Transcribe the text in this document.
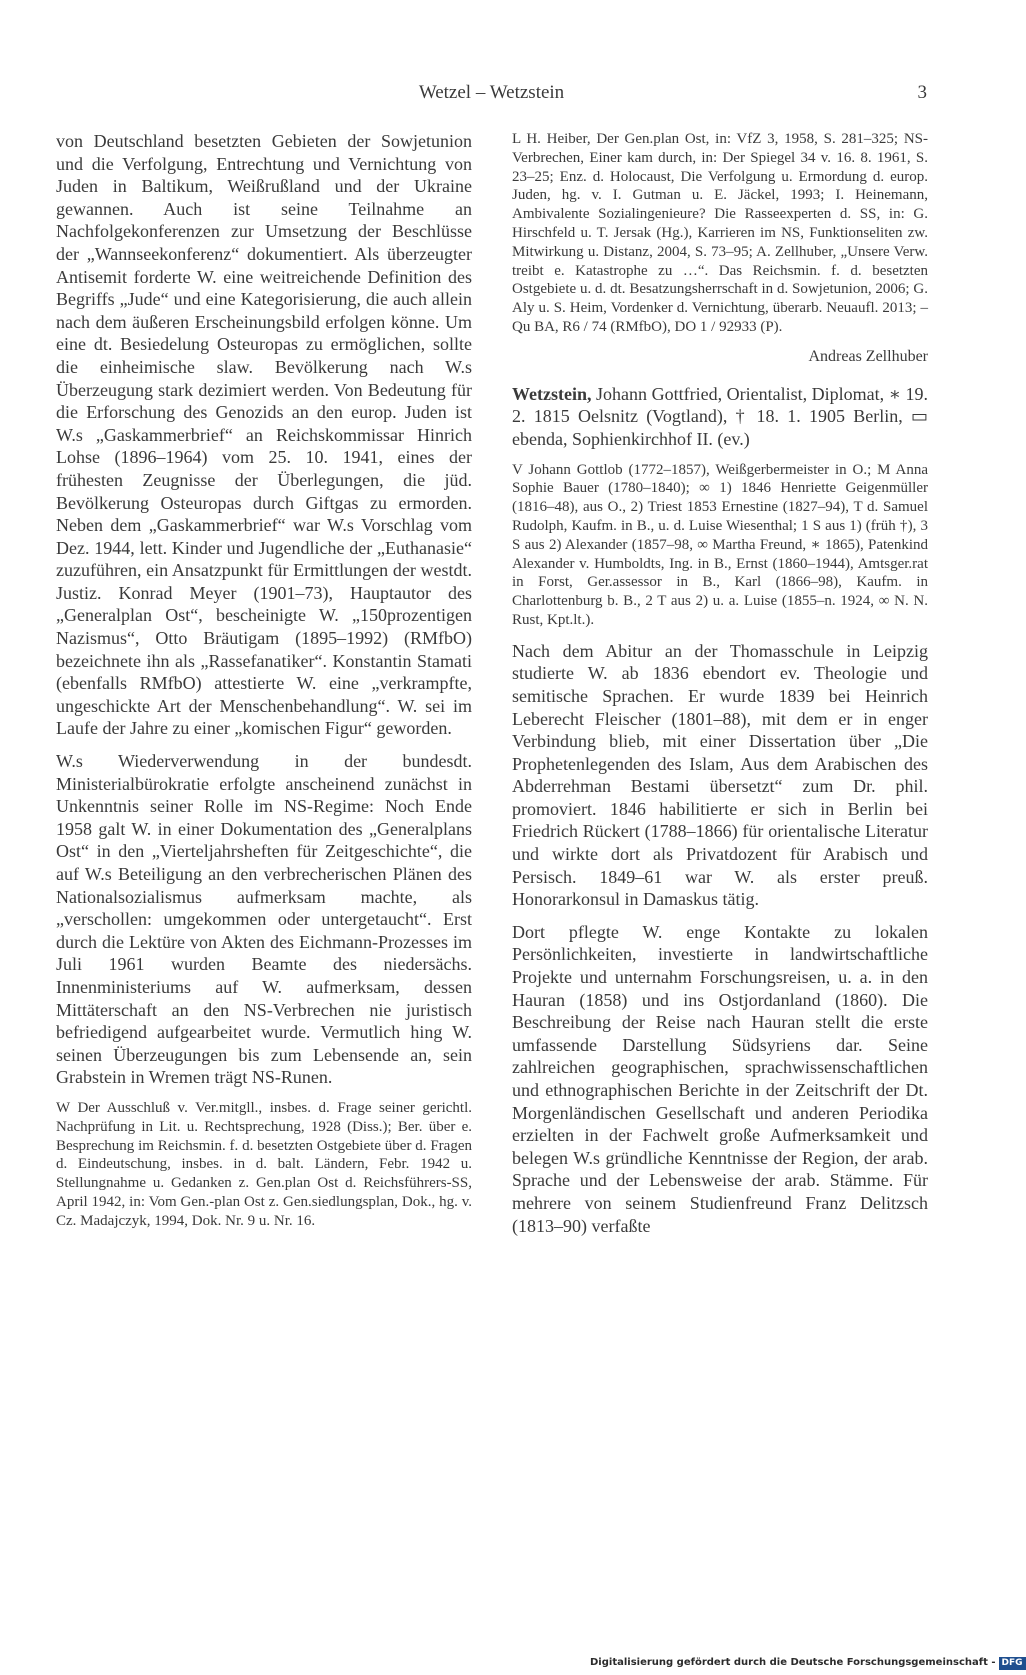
Wetzel – Wetzstein	3

von Deutschland besetzten Gebieten der Sowjetunion und die Verfolgung, Entrechtung und Vernichtung von Juden in Baltikum, Weißrußland und der Ukraine gewannen. Auch ist seine Teilnahme an Nachfolgekonferenzen zur Umsetzung der Beschlüsse der „Wannseekonferenz“ dokumentiert. Als überzeugter Antisemit forderte W. eine weitreichende Definition des Begriffs „Jude“ und eine Kategorisierung, die auch allein nach dem äußeren Erscheinungsbild erfolgen könne. Um eine dt. Besiedelung Osteuropas zu ermöglichen, sollte die einheimische slaw. Bevölkerung nach W.s Überzeugung stark dezimiert werden. Von Bedeutung für die Erforschung des Genozids an den europ. Juden ist W.s „Gaskammerbrief“ an Reichskommissar Hinrich Lohse (1896–1964) vom 25. 10. 1941, eines der frühesten Zeugnisse der Überlegungen, die jüd. Bevölkerung Osteuropas durch Giftgas zu ermorden. Neben dem „Gaskammerbrief“ war W.s Vorschlag vom Dez. 1944, lett. Kinder und Jugendliche der „Euthanasie“ zuzuführen, ein Ansatzpunkt für Ermittlungen der westdt. Justiz. Konrad Meyer (1901–73), Hauptautor des „Generalplan Ost“, bescheinigte W. „150prozentigen Nazismus“, Otto Bräutigam (1895–1992) (RMfbO) bezeichnete ihn als „Rassefanatiker“. Konstantin Stamati (ebenfalls RMfbO) attestierte W. eine „verkrampfte, ungeschickte Art der Menschenbehandlung“. W. sei im Laufe der Jahre zu einer „komischen Figur“ geworden.

W.s Wiederverwendung in der bundesdt. Ministerialbürokratie erfolgte anscheinend zunächst in Unkenntnis seiner Rolle im NS-Regime: Noch Ende 1958 galt W. in einer Dokumentation des „Generalplans Ost“ in den „Vierteljahrsheften für Zeitgeschichte“, die auf W.s Beteiligung an den verbrecherischen Plänen des Nationalsozialismus aufmerksam machte, als „verschollen: umgekommen oder untergetaucht“. Erst durch die Lektüre von Akten des Eichmann-Prozesses im Juli 1961 wurden Beamte des niedersächs. Innenministeriums auf W. aufmerksam, dessen Mittäterschaft an den NS-Verbrechen nie juristisch befriedigend aufgearbeitet wurde. Vermutlich hing W. seinen Überzeugungen bis zum Lebensende an, sein Grabstein in Wremen trägt NS-Runen.

W Der Ausschluß v. Ver.mitgll., insbes. d. Frage seiner gerichtl. Nachprüfung in Lit. u. Rechtsprechung, 1928 (Diss.); Ber. über e. Besprechung im Reichsmin. f. d. besetzten Ostgebiete über d. Fragen d. Eindeutschung, insbes. in d. balt. Ländern, Febr. 1942 u. Stellungnahme u. Gedanken z. Gen.plan Ost d. Reichsführers-SS, April 1942, in: Vom Gen.-plan Ost z. Gen.siedlungsplan, Dok., hg. v. Cz. Madajczyk, 1994, Dok. Nr. 9 u. Nr. 16.

L H. Heiber, Der Gen.plan Ost, in: VfZ 3, 1958, S. 281–325; NS-Verbrechen, Einer kam durch, in: Der Spiegel 34 v. 16. 8. 1961, S. 23–25; Enz. d. Holocaust, Die Verfolgung u. Ermordung d. europ. Juden, hg. v. I. Gutman u. E. Jäckel, 1993; I. Heinemann, Ambivalente Sozialingenieure? Die Rasseexperten d. SS, in: G. Hirschfeld u. T. Jersak (Hg.), Karrieren im NS, Funktionseliten zw. Mitwirkung u. Distanz, 2004, S. 73–95; A. Zellhuber, „Unsere Verw. treibt e. Katastrophe zu …“. Das Reichsmin. f. d. besetzten Ostgebiete u. d. dt. Besatzungsherrschaft in d. Sowjetunion, 2006; G. Aly u. S. Heim, Vordenker d. Vernichtung, überarb. Neuaufl. 2013; – Qu BA, R6 / 74 (RMfbO), DO 1 / 92933 (P).

Andreas Zellhuber

Wetzstein, Johann Gottfried, Orientalist, Diplomat, ∗ 19. 2. 1815 Oelsnitz (Vogtland), † 18. 1. 1905 Berlin, ▭ ebenda, Sophienkirchhof II. (ev.)

V Johann Gottlob (1772–1857), Weißgerbermeister in O.; M Anna Sophie Bauer (1780–1840); ∞ 1) 1846 Henriette Geigenmüller (1816–48), aus O., 2) Triest 1853 Ernestine (1827–94), T d. Samuel Rudolph, Kaufm. in B., u. d. Luise Wiesenthal; 1 S aus 1) (früh †), 3 S aus 2) Alexander (1857–98, ∞ Martha Freund, ∗ 1865), Patenkind Alexander v. Humboldts, Ing. in B., Ernst (1860–1944), Amtsger.rat in Forst, Ger.assessor in B., Karl (1866–98), Kaufm. in Charlottenburg b. B., 2 T aus 2) u. a. Luise (1855–n. 1924, ∞ N. N. Rust, Kpt.lt.).

Nach dem Abitur an der Thomasschule in Leipzig studierte W. ab 1836 ebendort ev. Theologie und semitische Sprachen. Er wurde 1839 bei Heinrich Leberecht Fleischer (1801–88), mit dem er in enger Verbindung blieb, mit einer Dissertation über „Die Prophetenlegenden des Islam, Aus dem Arabischen des Abderrehman Bestami übersetzt“ zum Dr. phil. promoviert. 1846 habilitierte er sich in Berlin bei Friedrich Rückert (1788–1866) für orientalische Literatur und wirkte dort als Privatdozent für Arabisch und Persisch. 1849–61 war W. als erster preuß. Honorarkonsul in Damaskus tätig.

Dort pflegte W. enge Kontakte zu lokalen Persönlichkeiten, investierte in landwirtschaftliche Projekte und unternahm Forschungsreisen, u. a. in den Hauran (1858) und ins Ostjordanland (1860). Die Beschreibung der Reise nach Hauran stellt die erste umfassende Darstellung Südsyriens dar. Seine zahlreichen geographischen, sprachwissenschaftlichen und ethnographischen Berichte in der Zeitschrift der Dt. Morgenländischen Gesellschaft und anderen Periodika erzielten in der Fachwelt große Aufmerksamkeit und belegen W.s gründliche Kenntnisse der Region, der arab. Sprache und der Lebensweise der arab. Stämme. Für mehrere von seinem Studienfreund Franz Delitzsch (1813–90) verfaßte

Digitalisierung gefördert durch die Deutsche Forschungsgemeinschaft - DFG
